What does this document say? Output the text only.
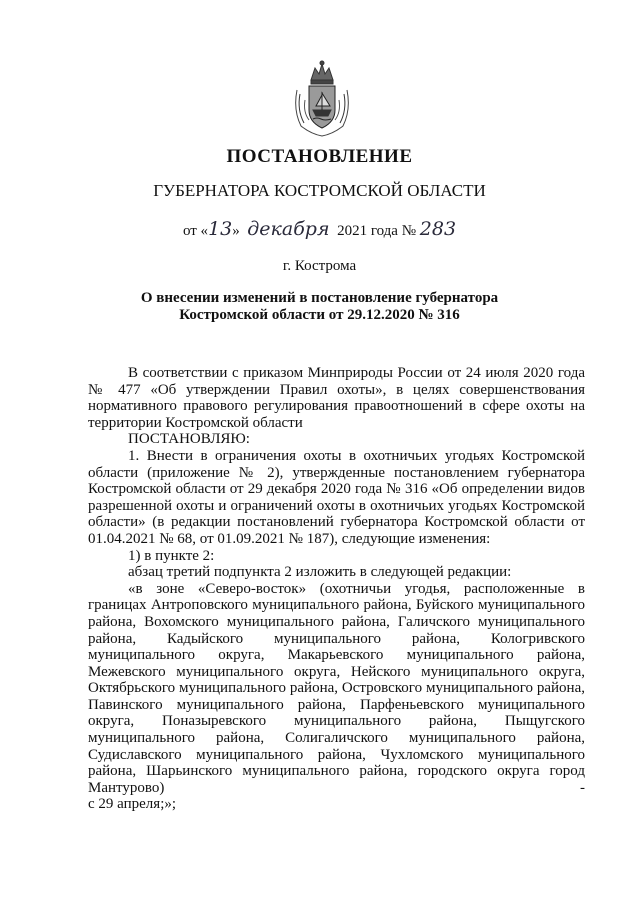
ПОСТАНОВЛЕНИЕ
ГУБЕРНАТОРА КОСТРОМСКОЙ ОБЛАСТИ
от «13» декабря 2021 года № 283
г. Кострома
О внесении изменений в постановление губернатора
Костромской области от 29.12.2020 № 316

В соответствии с приказом Минприроды России от 24 июля 2020 года № 477 «Об утверждении Правил охоты», в целях совершенствования нормативного правового регулирования правоотношений в сфере охоты на территории Костромской области

ПОСТАНОВЛЯЮ:

1. Внести в ограничения охоты в охотничьих угодьях Костромской области (приложение № 2), утвержденные постановлением губернатора Костромской области от 29 декабря 2020 года № 316 «Об определении видов разрешенной охоты и ограничений охоты в охотничьих угодьях Костромской области» (в редакции постановлений губернатора Костромской области от 01.04.2021 № 68, от 01.09.2021 № 187), следующие изменения:

1) в пункте 2:

абзац третий подпункта 2 изложить в следующей редакции:

«в зоне «Северо-восток» (охотничьи угодья, расположенные в границах Антроповского муниципального района, Буйского муниципального района, Вохомского муниципального района, Галичского муниципального района, Кадыйского муниципального района, Кологривского муниципального округа, Макарьевского муниципального района, Межевского муниципального округа, Нейского муниципального округа, Октябрьского муниципального района, Островского муниципального района, Павинского муниципального района, Парфеньевского муниципального округа, Поназыревского муниципального района, Пыщугского муниципального района, Солигаличского муниципального района, Судиславского муниципального района, Чухломского муниципального района, Шарьинского муниципального района, городского округа город Мантурово)	-

с 29 апреля;»;
